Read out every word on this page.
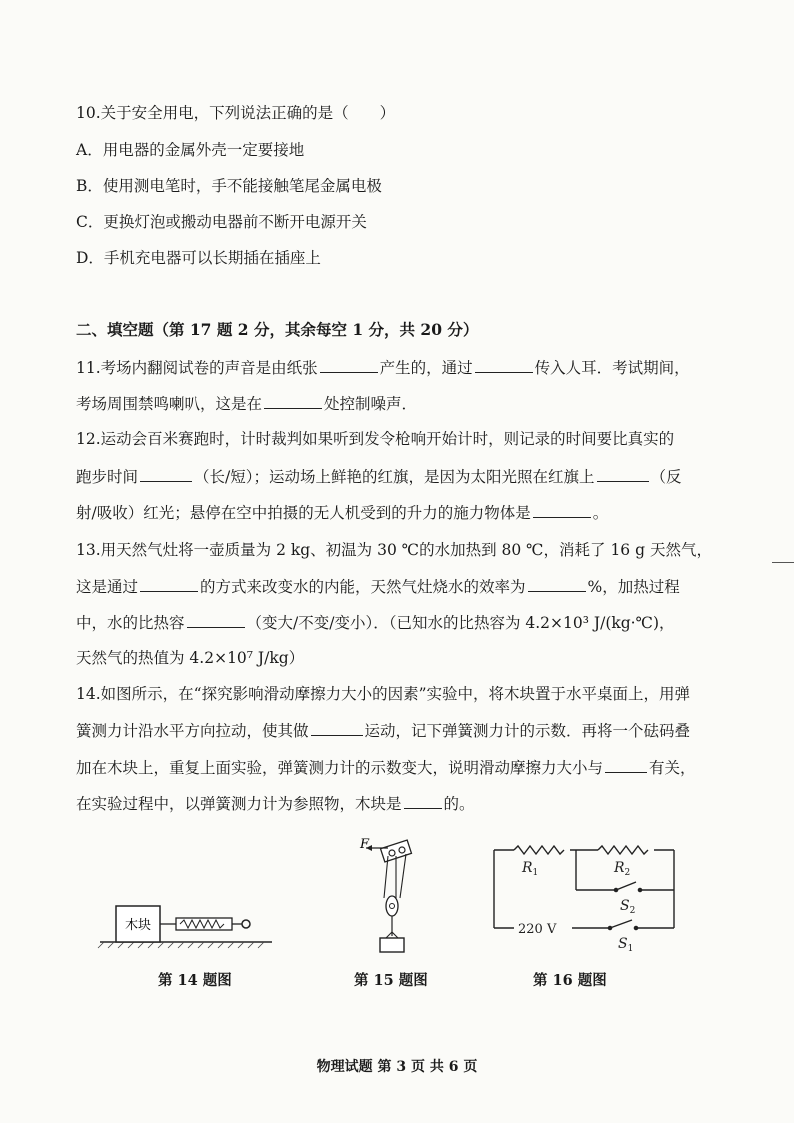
10.关于安全用电，下列说法正确的是（　　）
A．用电器的金属外壳一定要接地
B．使用测电笔时，手不能接触笔尾金属电极
C．更换灯泡或搬动电器前不断开电源开关
D．手机充电器可以长期插在插座上
二、填空题（第 17 题 2 分，其余每空 1 分，共 20 分）
11.考场内翻阅试卷的声音是由纸张	产生的，通过	传入人耳．考试期间，
考场周围禁鸣喇叭，这是在	处控制噪声．
12.运动会百米赛跑时，计时裁判如果听到发令枪响开始计时，则记录的时间要比真实的
跑步时间	（长/短）；运动场上鲜艳的红旗，是因为太阳光照在红旗上	（反
射/吸收）红光；悬停在空中拍摄的无人机受到的升力的施力物体是	。
13.用天然气灶将一壶质量为 2 kg、初温为 30 ℃的水加热到 80 ℃，消耗了 16 g 天然气，
这是通过	的方式来改变水的内能，天然气灶烧水的效率为	%，加热过程
中，水的比热容	（变大/不变/变小）．（已知水的比热容为 4.2×10³ J/(kg·℃)，
天然气的热值为 4.2×10⁷ J/kg）
14.如图所示，在“探究影响滑动摩擦力大小的因素”实验中，将木块置于水平桌面上，用弹
簧测力计沿水平方向拉动，使其做	运动，记下弹簧测力计的示数．再将一个砝码叠
加在木块上，重复上面实验，弹簧测力计的示数变大，说明滑动摩擦力大小与	有关，
在实验过程中，以弹簧测力计为参照物，木块是	的。
木块
第 14 题图
F
第 15 题图
$R_1$	$R_2$
$S_2$
$S_1$
220 V
第 16 题图
物理试题 第 3 页 共 6 页
